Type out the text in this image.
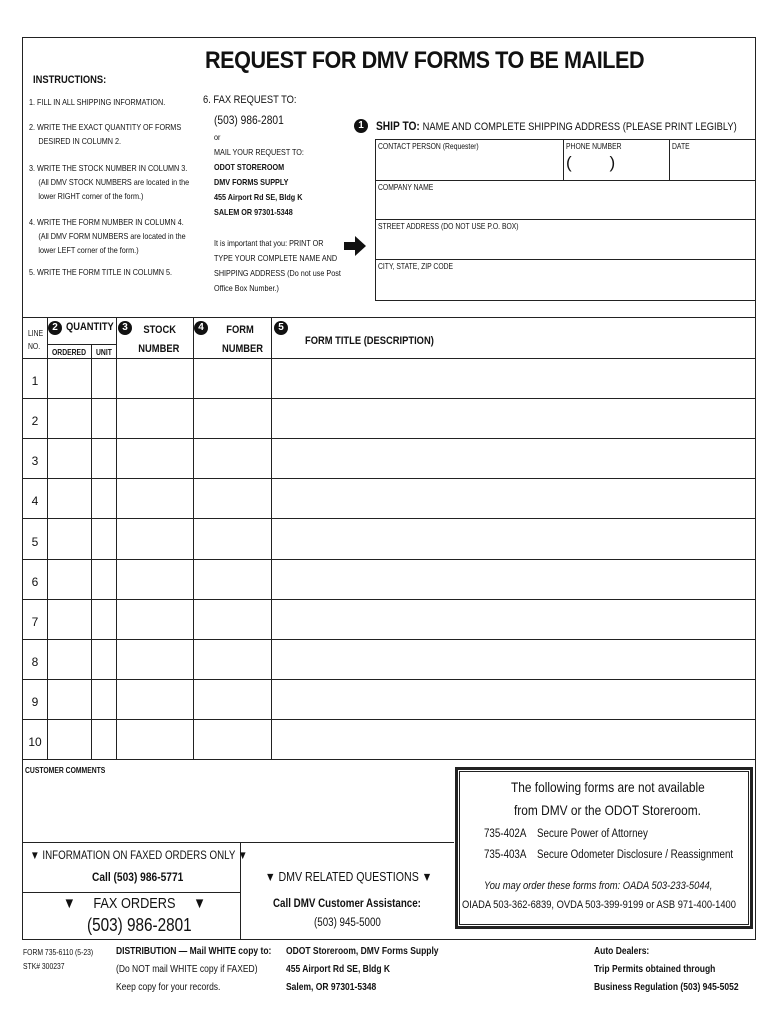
REQUEST FOR DMV FORMS TO BE MAILED
INSTRUCTIONS:
1. FILL IN ALL SHIPPING INFORMATION.
2. WRITE THE EXACT QUANTITY OF FORMS
DESIRED IN COLUMN 2.
3. WRITE THE STOCK NUMBER IN COLUMN 3.
(All DMV STOCK NUMBERS are located in the
lower RIGHT corner of the form.)
4. WRITE THE FORM NUMBER IN COLUMN 4.
(All DMV FORM NUMBERS are located in the
lower LEFT corner of the form.)
5. WRITE THE FORM TITLE IN COLUMN 5.
6. FAX REQUEST TO:
(503) 986-2801
or
MAIL YOUR REQUEST TO:
ODOT STOREROOM
DMV FORMS SUPPLY
455 Airport Rd SE, Bldg K
SALEM OR 97301-5348
It is important that you: PRINT OR
TYPE YOUR COMPLETE NAME AND
SHIPPING ADDRESS (Do not use Post
Office Box Number.)
1	SHIP TO: NAME AND COMPLETE SHIPPING ADDRESS (PLEASE PRINT LEGIBLY)
CONTACT PERSON (Requester)	PHONE NUMBER
(        )
DATE
COMPANY NAME
STREET ADDRESS (DO NOT USE P.O. BOX)
CITY, STATE, ZIP CODE
LINE
NO.
2 QUANTITY
ORDERED UNIT
3	STOCK
NUMBER
4	FORM
NUMBER
5
FORM TITLE (DESCRIPTION)
1
2
3
4
5
6
7
8
9
10
CUSTOMER COMMENTS
▼ INFORMATION ON FAXED ORDERS ONLY ▼
Call (503) 986-5771
▼     FAX ORDERS     ▼
(503) 986-2801
▼ DMV RELATED QUESTIONS ▼
Call DMV Customer Assistance:
(503) 945-5000
The following forms are not available
from DMV or the ODOT Storeroom.
735-402A Secure Power of Attorney
735-403A Secure Odometer Disclosure / Reassignment
You may order these forms from: OADA 503-233-5044,
OIADA 503-362-6839, OVDA 503-399-9199 or ASB 971-400-1400
FORM 735-6110 (5-23)
STK# 300237
DISTRIBUTION — Mail WHITE copy to:
(Do NOT mail WHITE copy if FAXED)
Keep copy for your records.
ODOT Storeroom, DMV Forms Supply
455 Airport Rd SE, Bldg K
Salem, OR 97301-5348
Auto Dealers:
Trip Permits obtained through
Business Regulation (503) 945-5052
